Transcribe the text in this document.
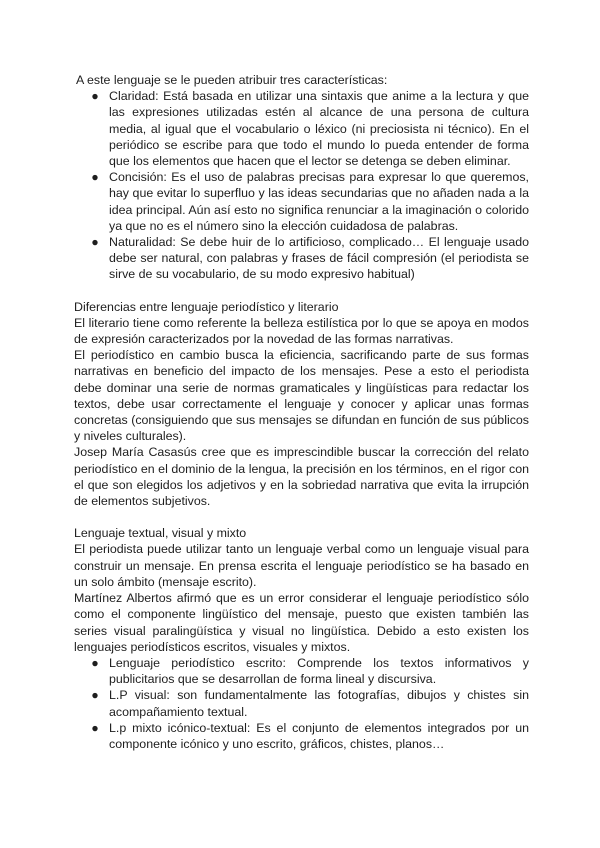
A este lenguaje se le pueden atribuir tres características:

● Claridad: Está basada en utilizar una sintaxis que anime a la lectura y que las expresiones utilizadas estén al alcance de una persona de cultura media, al igual que el vocabulario o léxico (ni preciosista ni técnico). En el periódico se escribe para que todo el mundo lo pueda entender de forma que los elementos que hacen que el lector se detenga se deben eliminar.
● Concisión: Es el uso de palabras precisas para expresar lo que queremos, hay que evitar lo superfluo y las ideas secundarias que no añaden nada a la idea principal. Aún así esto no significa renunciar a la imaginación o colorido ya que no es el número sino la elección cuidadosa de palabras.
● Naturalidad: Se debe huir de lo artificioso, complicado… El lenguaje usado debe ser natural, con palabras y frases de fácil compresión (el periodista se sirve de su vocabulario, de su modo expresivo habitual)

Diferencias entre lenguaje periodístico y literario

El literario tiene como referente la belleza estilística por lo que se apoya en modos de expresión caracterizados por la novedad de las formas narrativas.

El periodístico en cambio busca la eficiencia, sacrificando parte de sus formas narrativas en beneficio del impacto de los mensajes. Pese a esto el periodista debe dominar una serie de normas gramaticales y lingüísticas para redactar los textos, debe usar correctamente el lenguaje y conocer y aplicar unas formas concretas (consiguiendo que sus mensajes se difundan en función de sus públicos y niveles culturales).

Josep María Casasús cree que es imprescindible buscar la corrección del relato periodístico en el dominio de la lengua, la precisión en los términos, en el rigor con el que son elegidos los adjetivos y en la sobriedad narrativa que evita la irrupción de elementos subjetivos.

Lenguaje textual, visual y mixto

El periodista puede utilizar tanto un lenguaje verbal como un lenguaje visual para construir un mensaje. En prensa escrita el lenguaje periodístico se ha basado en un solo ámbito (mensaje escrito).

Martínez Albertos afirmó que es un error considerar el lenguaje periodístico sólo como el componente lingüístico del mensaje, puesto que existen también las series visual paralingüística y visual no lingüística. Debido a esto existen los lenguajes periodísticos escritos, visuales y mixtos.

● Lenguaje periodístico escrito: Comprende los textos informativos y publicitarios que se desarrollan de forma lineal y discursiva.
● L.P visual: son fundamentalmente las fotografías, dibujos y chistes sin acompañamiento textual.
● L.p mixto icónico-textual: Es el conjunto de elementos integrados por un componente icónico y uno escrito, gráficos, chistes, planos…
